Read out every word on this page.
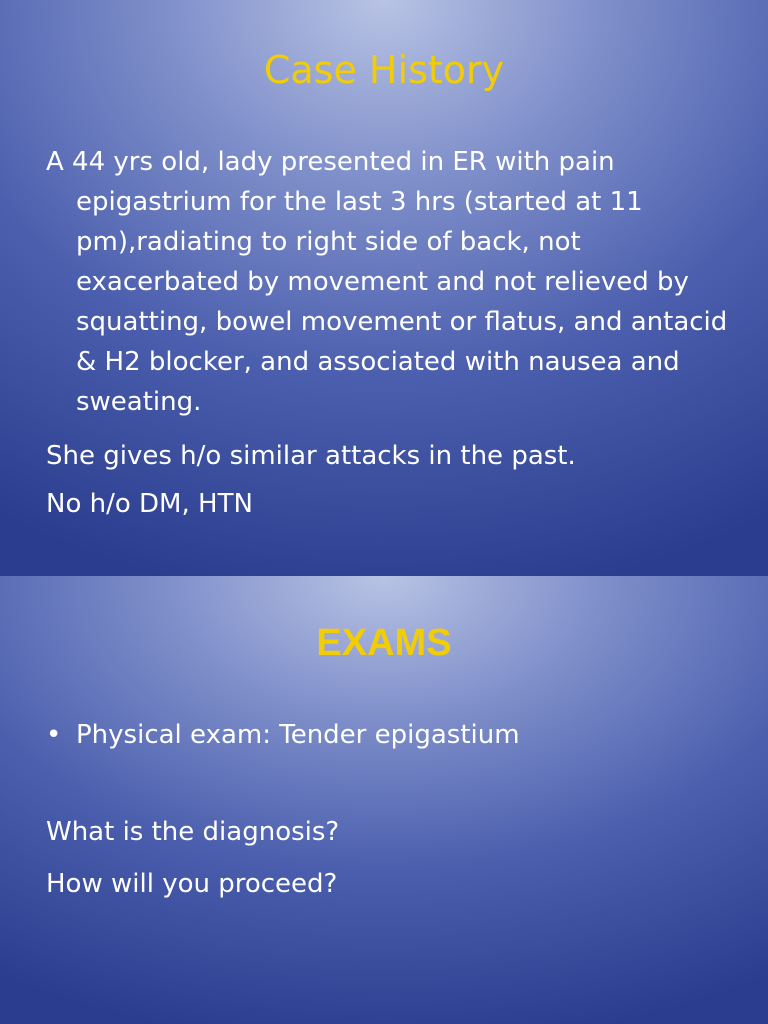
Case History
A 44 yrs old, lady presented in ER with pain epigastrium for the last 3 hrs (started at 11 pm),radiating to right side of back, not exacerbated by movement and not relieved by squatting, bowel movement or flatus, and antacid & H2 blocker, and associated with nausea and sweating.
She gives h/o similar attacks in the past.
No h/o DM, HTN
EXAMS
• Physical exam: Tender epigastium
What is the diagnosis?
How will you proceed?
